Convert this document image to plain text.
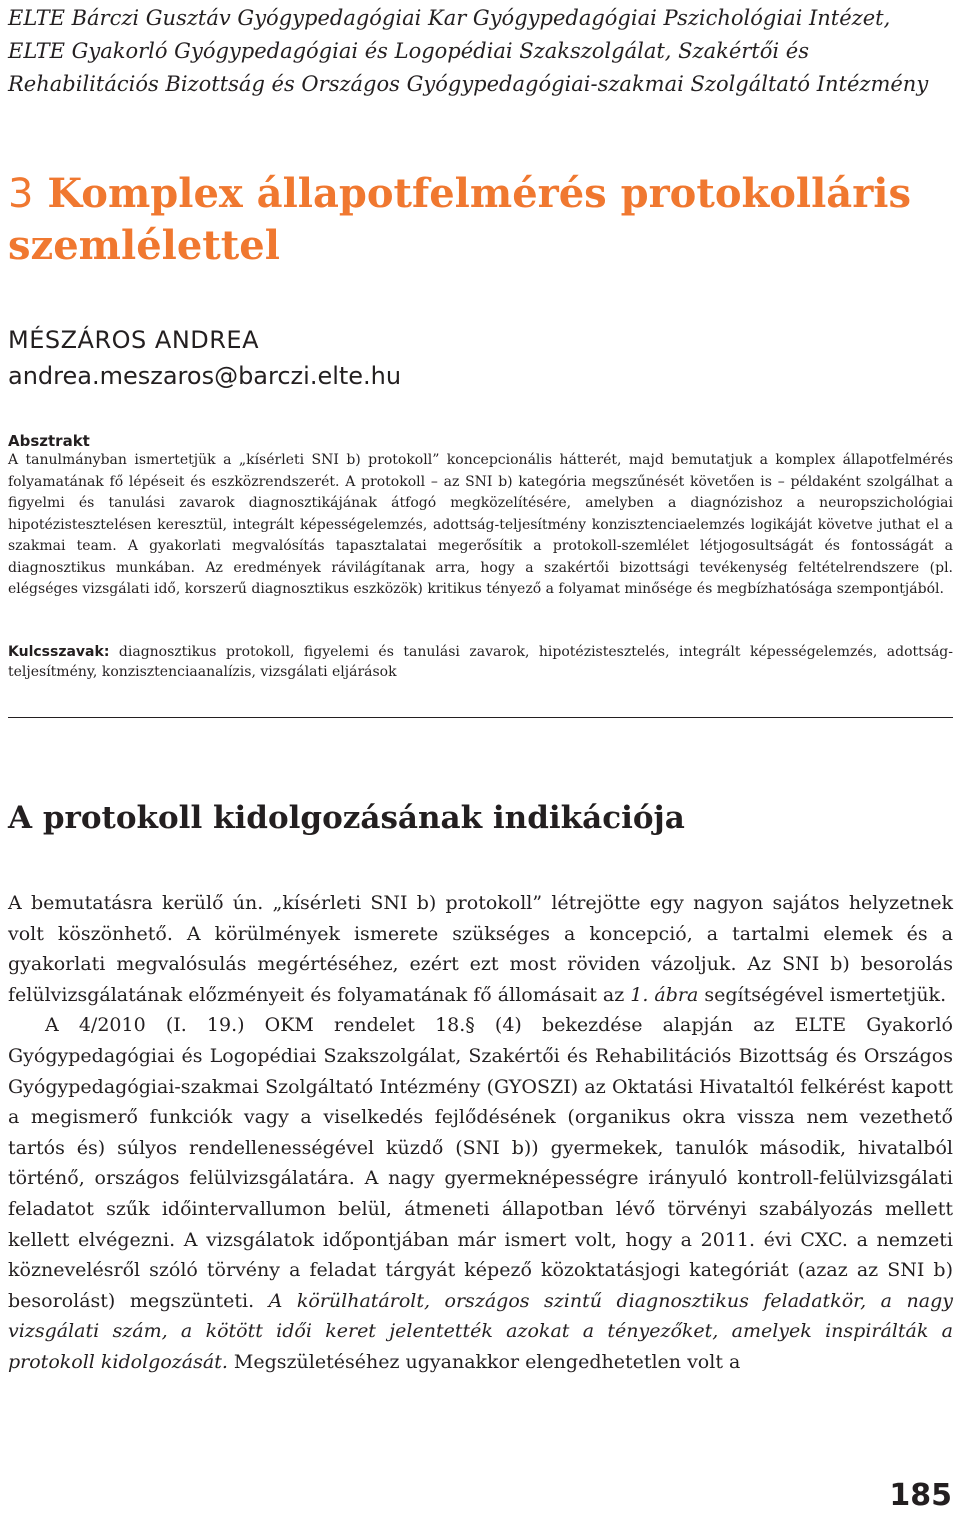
ELTE Bárczi Gusztáv Gyógypedagógiai Kar Gyógypedagógiai Pszichológiai Intézet,
ELTE Gyakorló Gyógypedagógiai és Logopédiai Szakszolgálat, Szakértői és
Rehabilitációs Bizottság és Országos Gyógypedagógiai-szakmai Szolgáltató Intézmény
3 Komplex állapotfelmérés protokolláris szemlélettel
MÉSZÁROS ANDREA
andrea.meszaros@barczi.elte.hu
Absztrakt
A tanulmányban ismertetjük a „kísérleti SNI b) protokoll” koncepcionális hátterét, majd bemutatjuk a komplex állapotfelmérés folyamatának fő lépéseit és eszközrendszerét. A protokoll – az SNI b) kategória megszűnését követően is – példaként szolgálhat a figyelmi és tanulási zavarok diagnosztikájának átfogó megközelítésére, amelyben a diagnózishoz a neuropszichológiai hipotézistesztelésen keresztül, integrált képességelemzés, adottság-teljesítmény konzisztenciaelemzés logikáját követve juthat el a szakmai team. A gyakorlati megvalósítás tapasztalatai megerősítik a protokoll-szemlélet létjogosultságát és fontosságát a diagnosztikus munkában. Az eredmények rávilágítanak arra, hogy a szakértői bizottsági tevékenység feltételrendszere (pl. elégséges vizsgálati idő, korszerű diagnosztikus eszközök) kritikus tényező a folyamat minősége és megbízhatósága szempontjából.
Kulcsszavak: diagnosztikus protokoll, figyelemi és tanulási zavarok, hipotézistesztelés, integrált képességelemzés, adottság-teljesítmény, konzisztenciaanalízis, vizsgálati eljárások
A protokoll kidolgozásának indikációja

A bemutatásra kerülő ún. „kísérleti SNI b) protokoll” létrejötte egy nagyon sajátos helyzetnek volt köszönhető. A körülmények ismerete szükséges a koncepció, a tartalmi elemek és a gyakorlati megvalósulás megértéséhez, ezért ezt most röviden vázoljuk. Az SNI b) besorolás felülvizsgálatának előzményeit és folyamatának fő állomásait az 1. ábra segítségével ismertetjük.

A 4/2010 (I. 19.) OKM rendelet 18.§ (4) bekezdése alapján az ELTE Gyakorló Gyógypedagógiai és Logopédiai Szakszolgálat, Szakértői és Rehabilitációs Bizottság és Országos Gyógypedagógiai-szakmai Szolgáltató Intézmény (GYOSZI) az Oktatási Hivataltól felkérést kapott a megismerő funkciók vagy a viselkedés fejlődésének (organikus okra vissza nem vezethető tartós és) súlyos rendellenességével küzdő (SNI b)) gyermekek, tanulók második, hivatalból történő, országos felülvizsgálatára. A nagy gyermeknépességre irányuló kontroll-felülvizsgálati feladatot szűk időintervallumon belül, átmeneti állapotban lévő törvényi szabályozás mellett kellett elvégezni. A vizsgálatok időpontjában már ismert volt, hogy a 2011. évi CXC. a nemzeti köznevelésről szóló törvény a feladat tárgyát képező közoktatásjogi kategóriát (azaz az SNI b) besorolást) megszünteti. A körülhatárolt, országos szintű diagnosztikus feladatkör, a nagy vizsgálati szám, a kötött idői keret jelentették azokat a tényezőket, amelyek inspirálták a protokoll kidolgozását. Megszületéséhez ugyanakkor elengedhetetlen volt a

185
